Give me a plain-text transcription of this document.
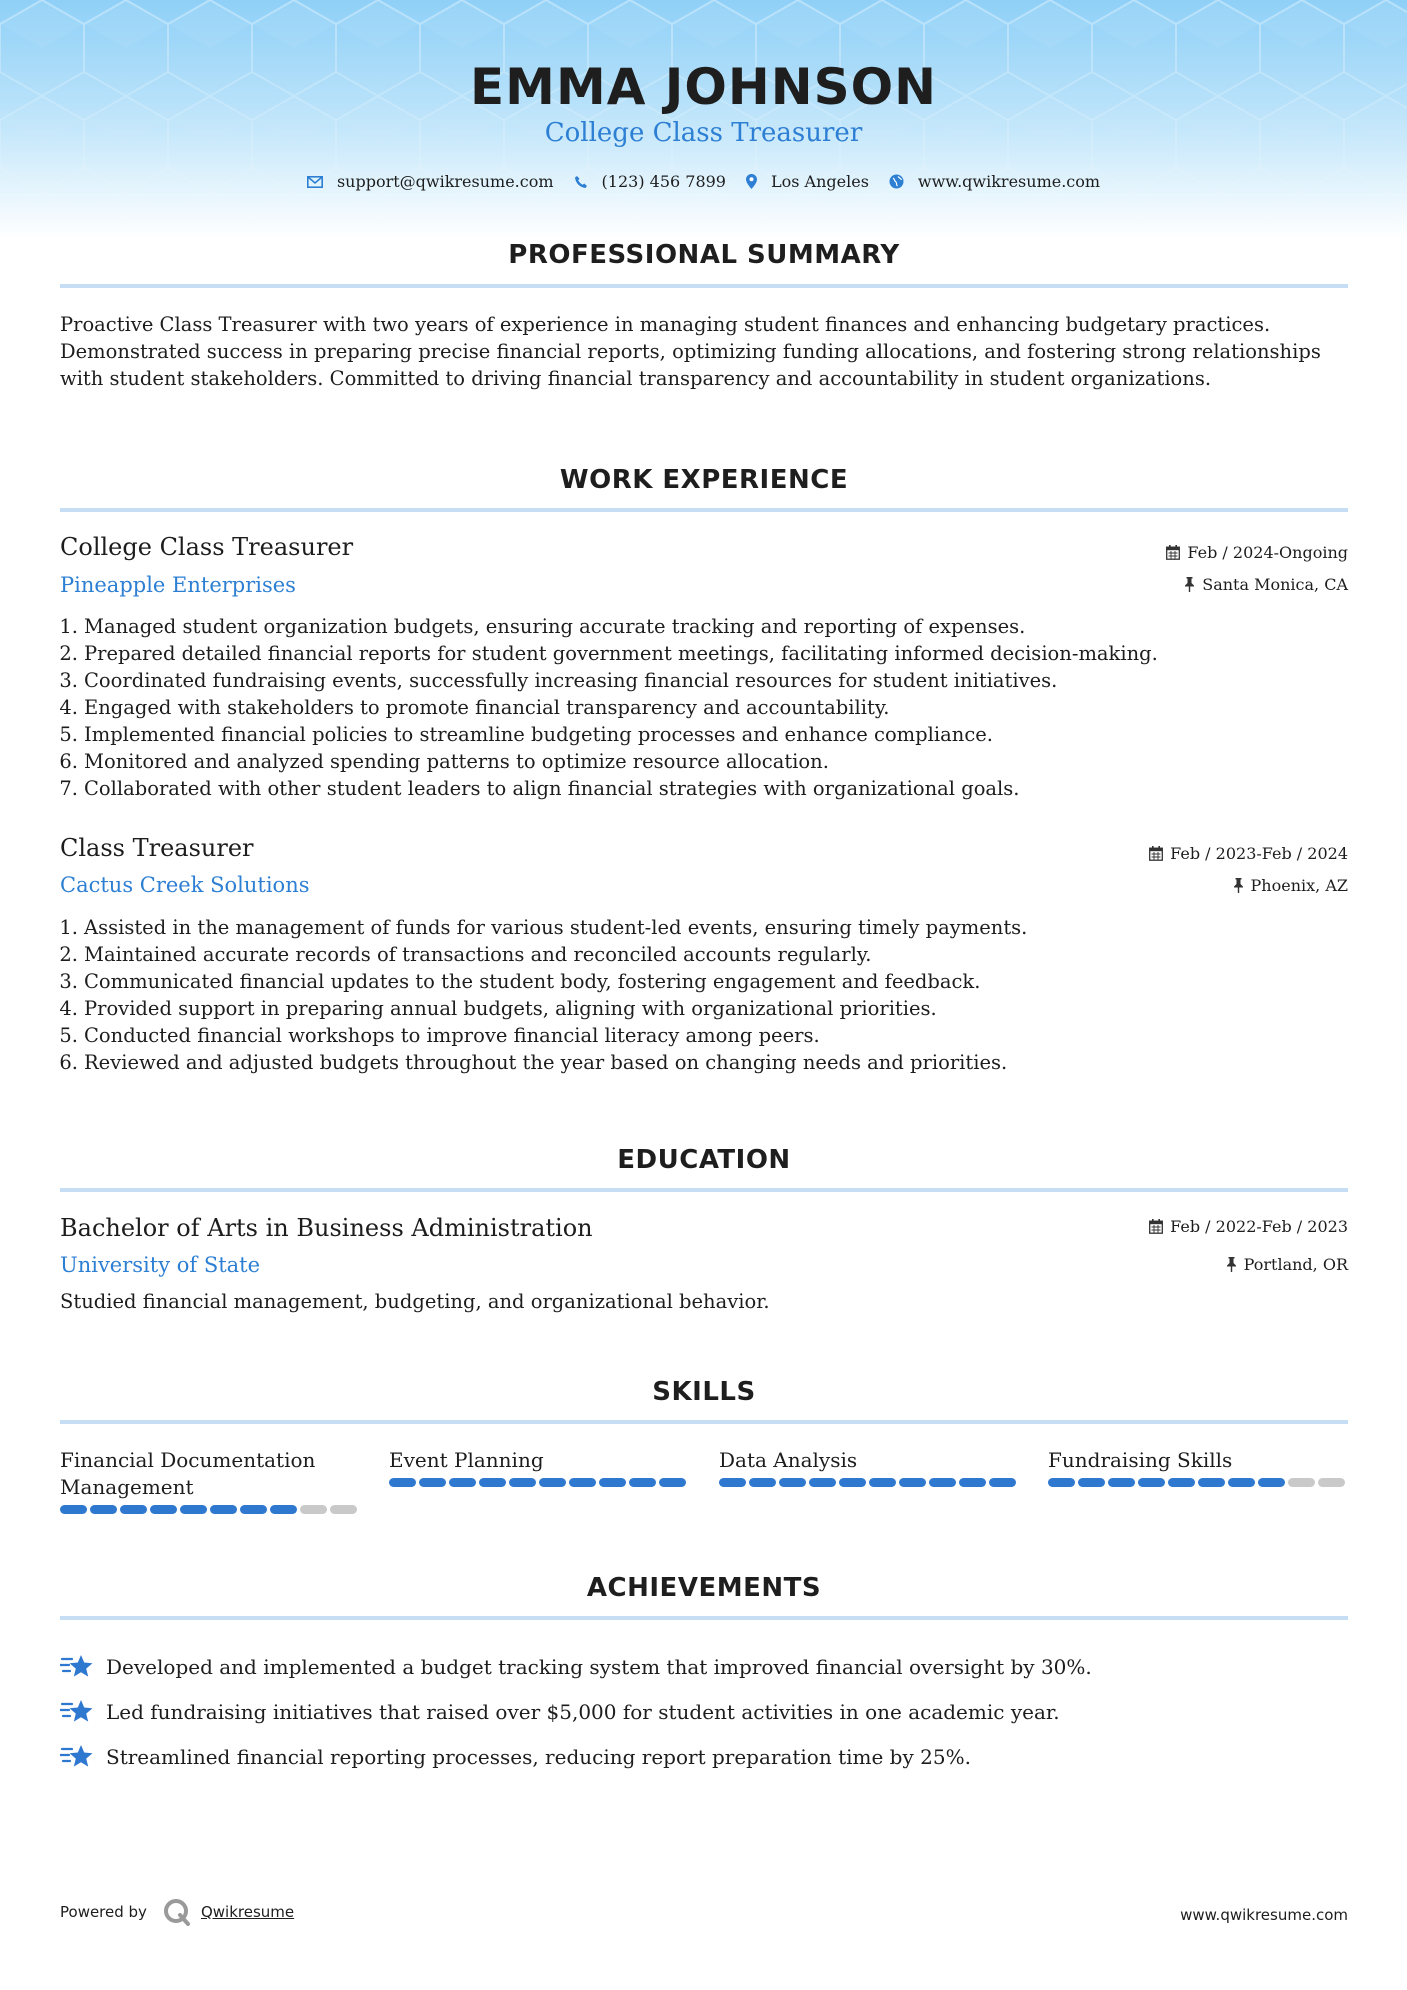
EMMA JOHNSON
College Class Treasurer
support@qwikresume.com	(123) 456 7899	Los Angeles	www.qwikresume.com
PROFESSIONAL SUMMARY
Proactive Class Treasurer with two years of experience in managing student finances and enhancing budgetary practices. Demonstrated success in preparing precise financial reports, optimizing funding allocations, and fostering strong relationships with student stakeholders. Committed to driving financial transparency and accountability in student organizations.
WORK EXPERIENCE
College Class Treasurer
Pineapple Enterprises
Feb / 2024-Ongoing
Santa Monica, CA
1. Managed student organization budgets, ensuring accurate tracking and reporting of expenses.
2. Prepared detailed financial reports for student government meetings, facilitating informed decision-making.
3. Coordinated fundraising events, successfully increasing financial resources for student initiatives.
4. Engaged with stakeholders to promote financial transparency and accountability.
5. Implemented financial policies to streamline budgeting processes and enhance compliance.
6. Monitored and analyzed spending patterns to optimize resource allocation.
7. Collaborated with other student leaders to align financial strategies with organizational goals.
Class Treasurer
Cactus Creek Solutions
Feb / 2023-Feb / 2024
Phoenix, AZ
1. Assisted in the management of funds for various student-led events, ensuring timely payments.
2. Maintained accurate records of transactions and reconciled accounts regularly.
3. Communicated financial updates to the student body, fostering engagement and feedback.
4. Provided support in preparing annual budgets, aligning with organizational priorities.
5. Conducted financial workshops to improve financial literacy among peers.
6. Reviewed and adjusted budgets throughout the year based on changing needs and priorities.
EDUCATION
Bachelor of Arts in Business Administration
University of State
Feb / 2022-Feb / 2023
Portland, OR
Studied financial management, budgeting, and organizational behavior.
SKILLS
Financial Documentation Management
Event Planning	Data Analysis	Fundraising Skills
ACHIEVEMENTS
Developed and implemented a budget tracking system that improved financial oversight by 30%.
Led fundraising initiatives that raised over $5,000 for student activities in one academic year.
Streamlined financial reporting processes, reducing report preparation time by 25%.
Powered by	Qwikresume	www.qwikresume.com
